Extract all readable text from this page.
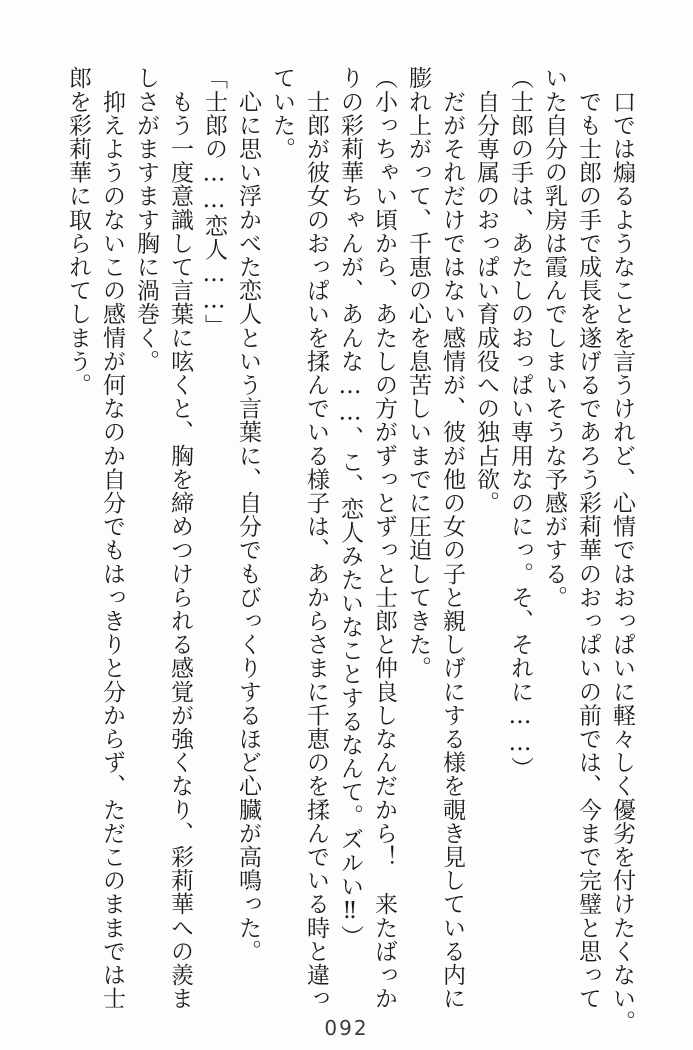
　口では煽るようなことを言うけれど、心情ではおっぱいに軽々しく優劣を付けたくない。

　でも士郎の手で成長を遂げるであろう彩莉華のおっぱいの前では、今まで完璧と思って

いた自分の乳房は霞んでしまいそうな予感がする。

（士郎の手は、あたしのおっぱい専用なのにっ。そ、それに……）

　自分専属のおっぱい育成役への独占欲。

　だがそれだけではない感情が、彼が他の女の子と親しげにする様を覗き見している内に

膨れ上がって、千恵の心を息苦しいまでに圧迫してきた。

（小っちゃい頃から、あたしの方がずっとずっと士郎と仲良しなんだから！　来たばっか

りの彩莉華ちゃんが、あんな……、こ、恋人みたいなことするなんて。ズルい‼）

　士郎が彼女のおっぱいを揉んでいる様子は、あからさまに千恵のを揉んでいる時と違っ

ていた。

　心に思い浮かべた恋人という言葉に、自分でもびっくりするほど心臓が高鳴った。

「士郎の……恋人……」

　もう一度意識して言葉に呟くと、胸を締めつけられる感覚が強くなり、彩莉華への羨ま

しさがますます胸に渦巻く。

　抑えようのないこの感情が何なのか自分でもはっきりと分からず、ただこのままでは士

郎を彩莉華に取られてしまう。

092
